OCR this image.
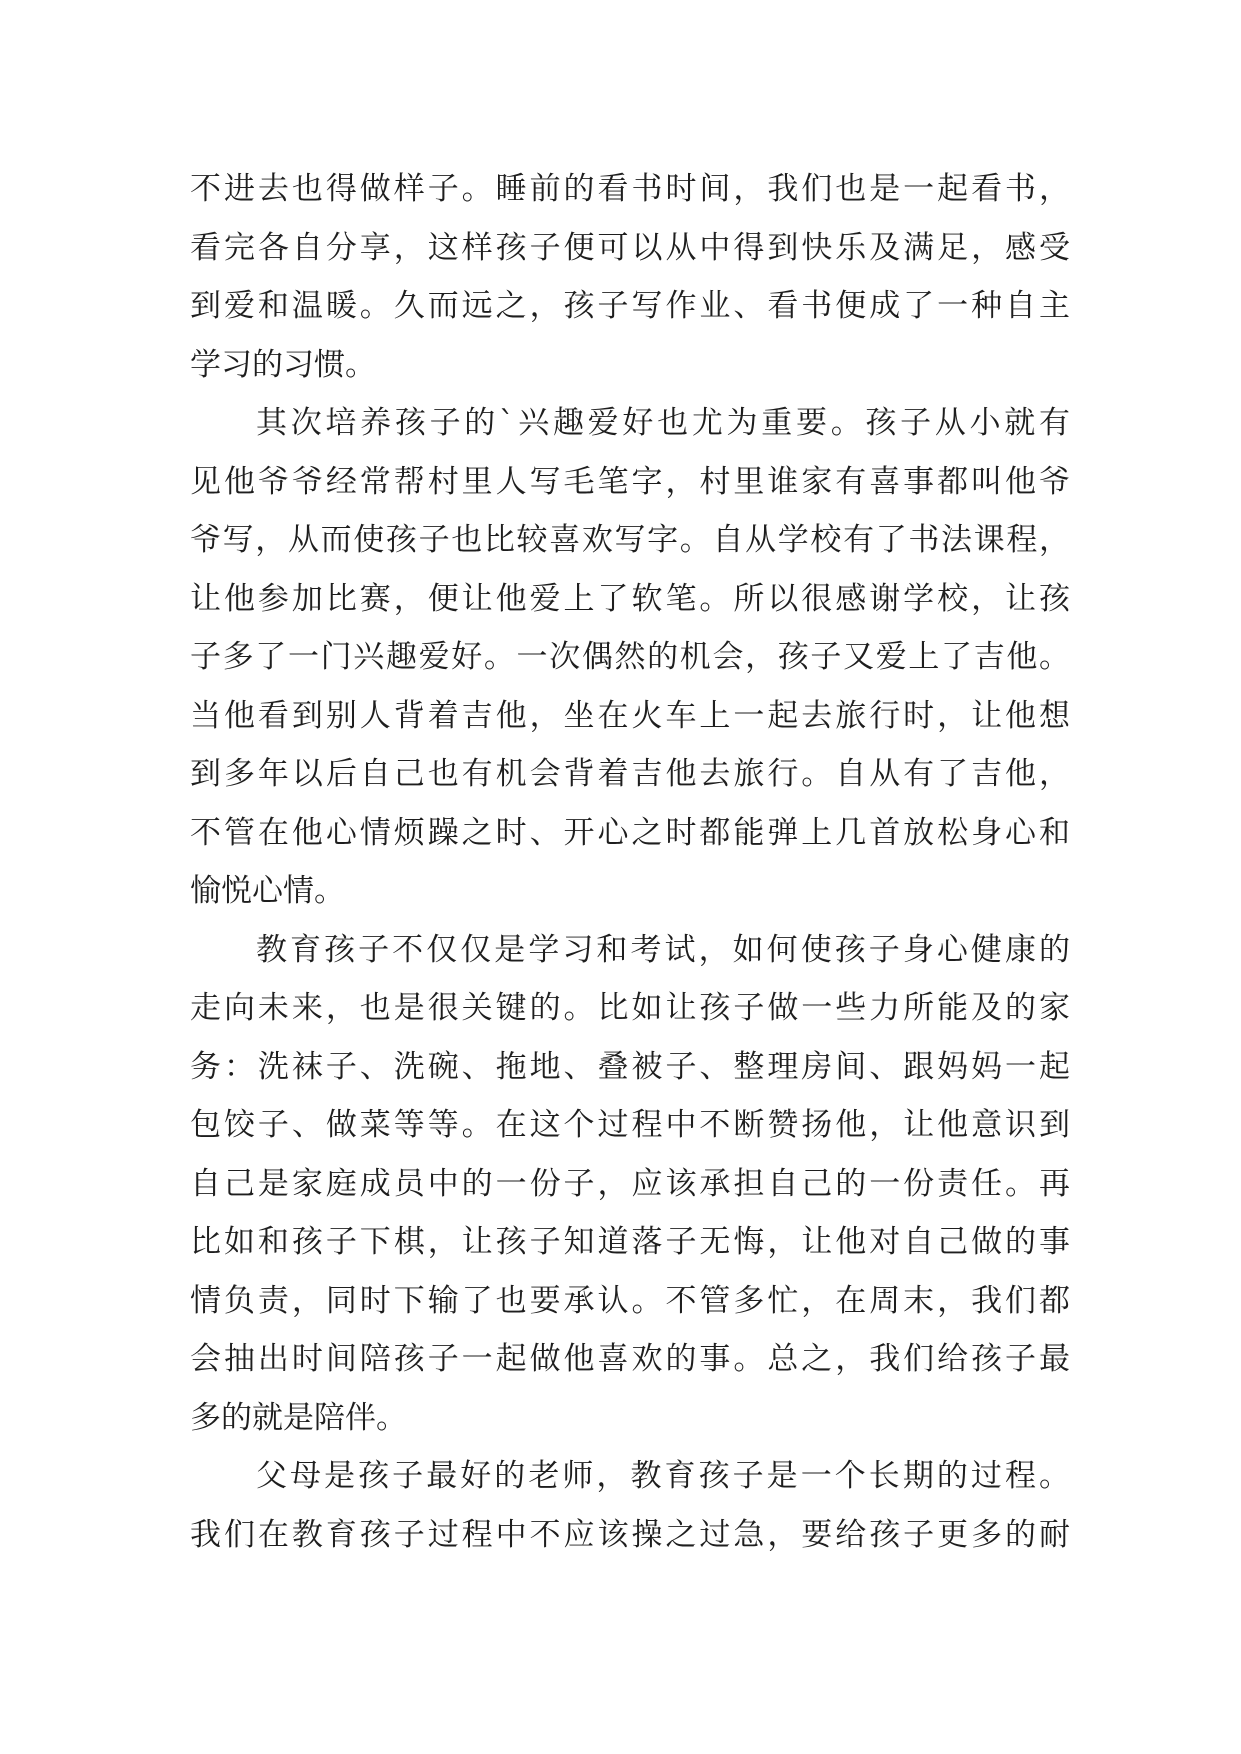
不进去也得做样子。睡前的看书时间，我们也是一起看书，
看完各自分享，这样孩子便可以从中得到快乐及满足，感受
到爱和温暖。久而远之，孩子写作业、看书便成了一种自主
学习的习惯。
其次培养孩子的`兴趣爱好也尤为重要。孩子从小就有
见他爷爷经常帮村里人写毛笔字，村里谁家有喜事都叫他爷
爷写，从而使孩子也比较喜欢写字。自从学校有了书法课程，
让他参加比赛，便让他爱上了软笔。所以很感谢学校，让孩
子多了一门兴趣爱好。一次偶然的机会，孩子又爱上了吉他。
当他看到别人背着吉他，坐在火车上一起去旅行时，让他想
到多年以后自己也有机会背着吉他去旅行。自从有了吉他，
不管在他心情烦躁之时、开心之时都能弹上几首放松身心和
愉悦心情。
教育孩子不仅仅是学习和考试，如何使孩子身心健康的
走向未来，也是很关键的。比如让孩子做一些力所能及的家
务：洗袜子、洗碗、拖地、叠被子、整理房间、跟妈妈一起
包饺子、做菜等等。在这个过程中不断赞扬他，让他意识到
自己是家庭成员中的一份子，应该承担自己的一份责任。再
比如和孩子下棋，让孩子知道落子无悔，让他对自己做的事
情负责，同时下输了也要承认。不管多忙，在周末，我们都
会抽出时间陪孩子一起做他喜欢的事。总之，我们给孩子最
多的就是陪伴。
父母是孩子最好的老师，教育孩子是一个长期的过程。
我们在教育孩子过程中不应该操之过急，要给孩子更多的耐
